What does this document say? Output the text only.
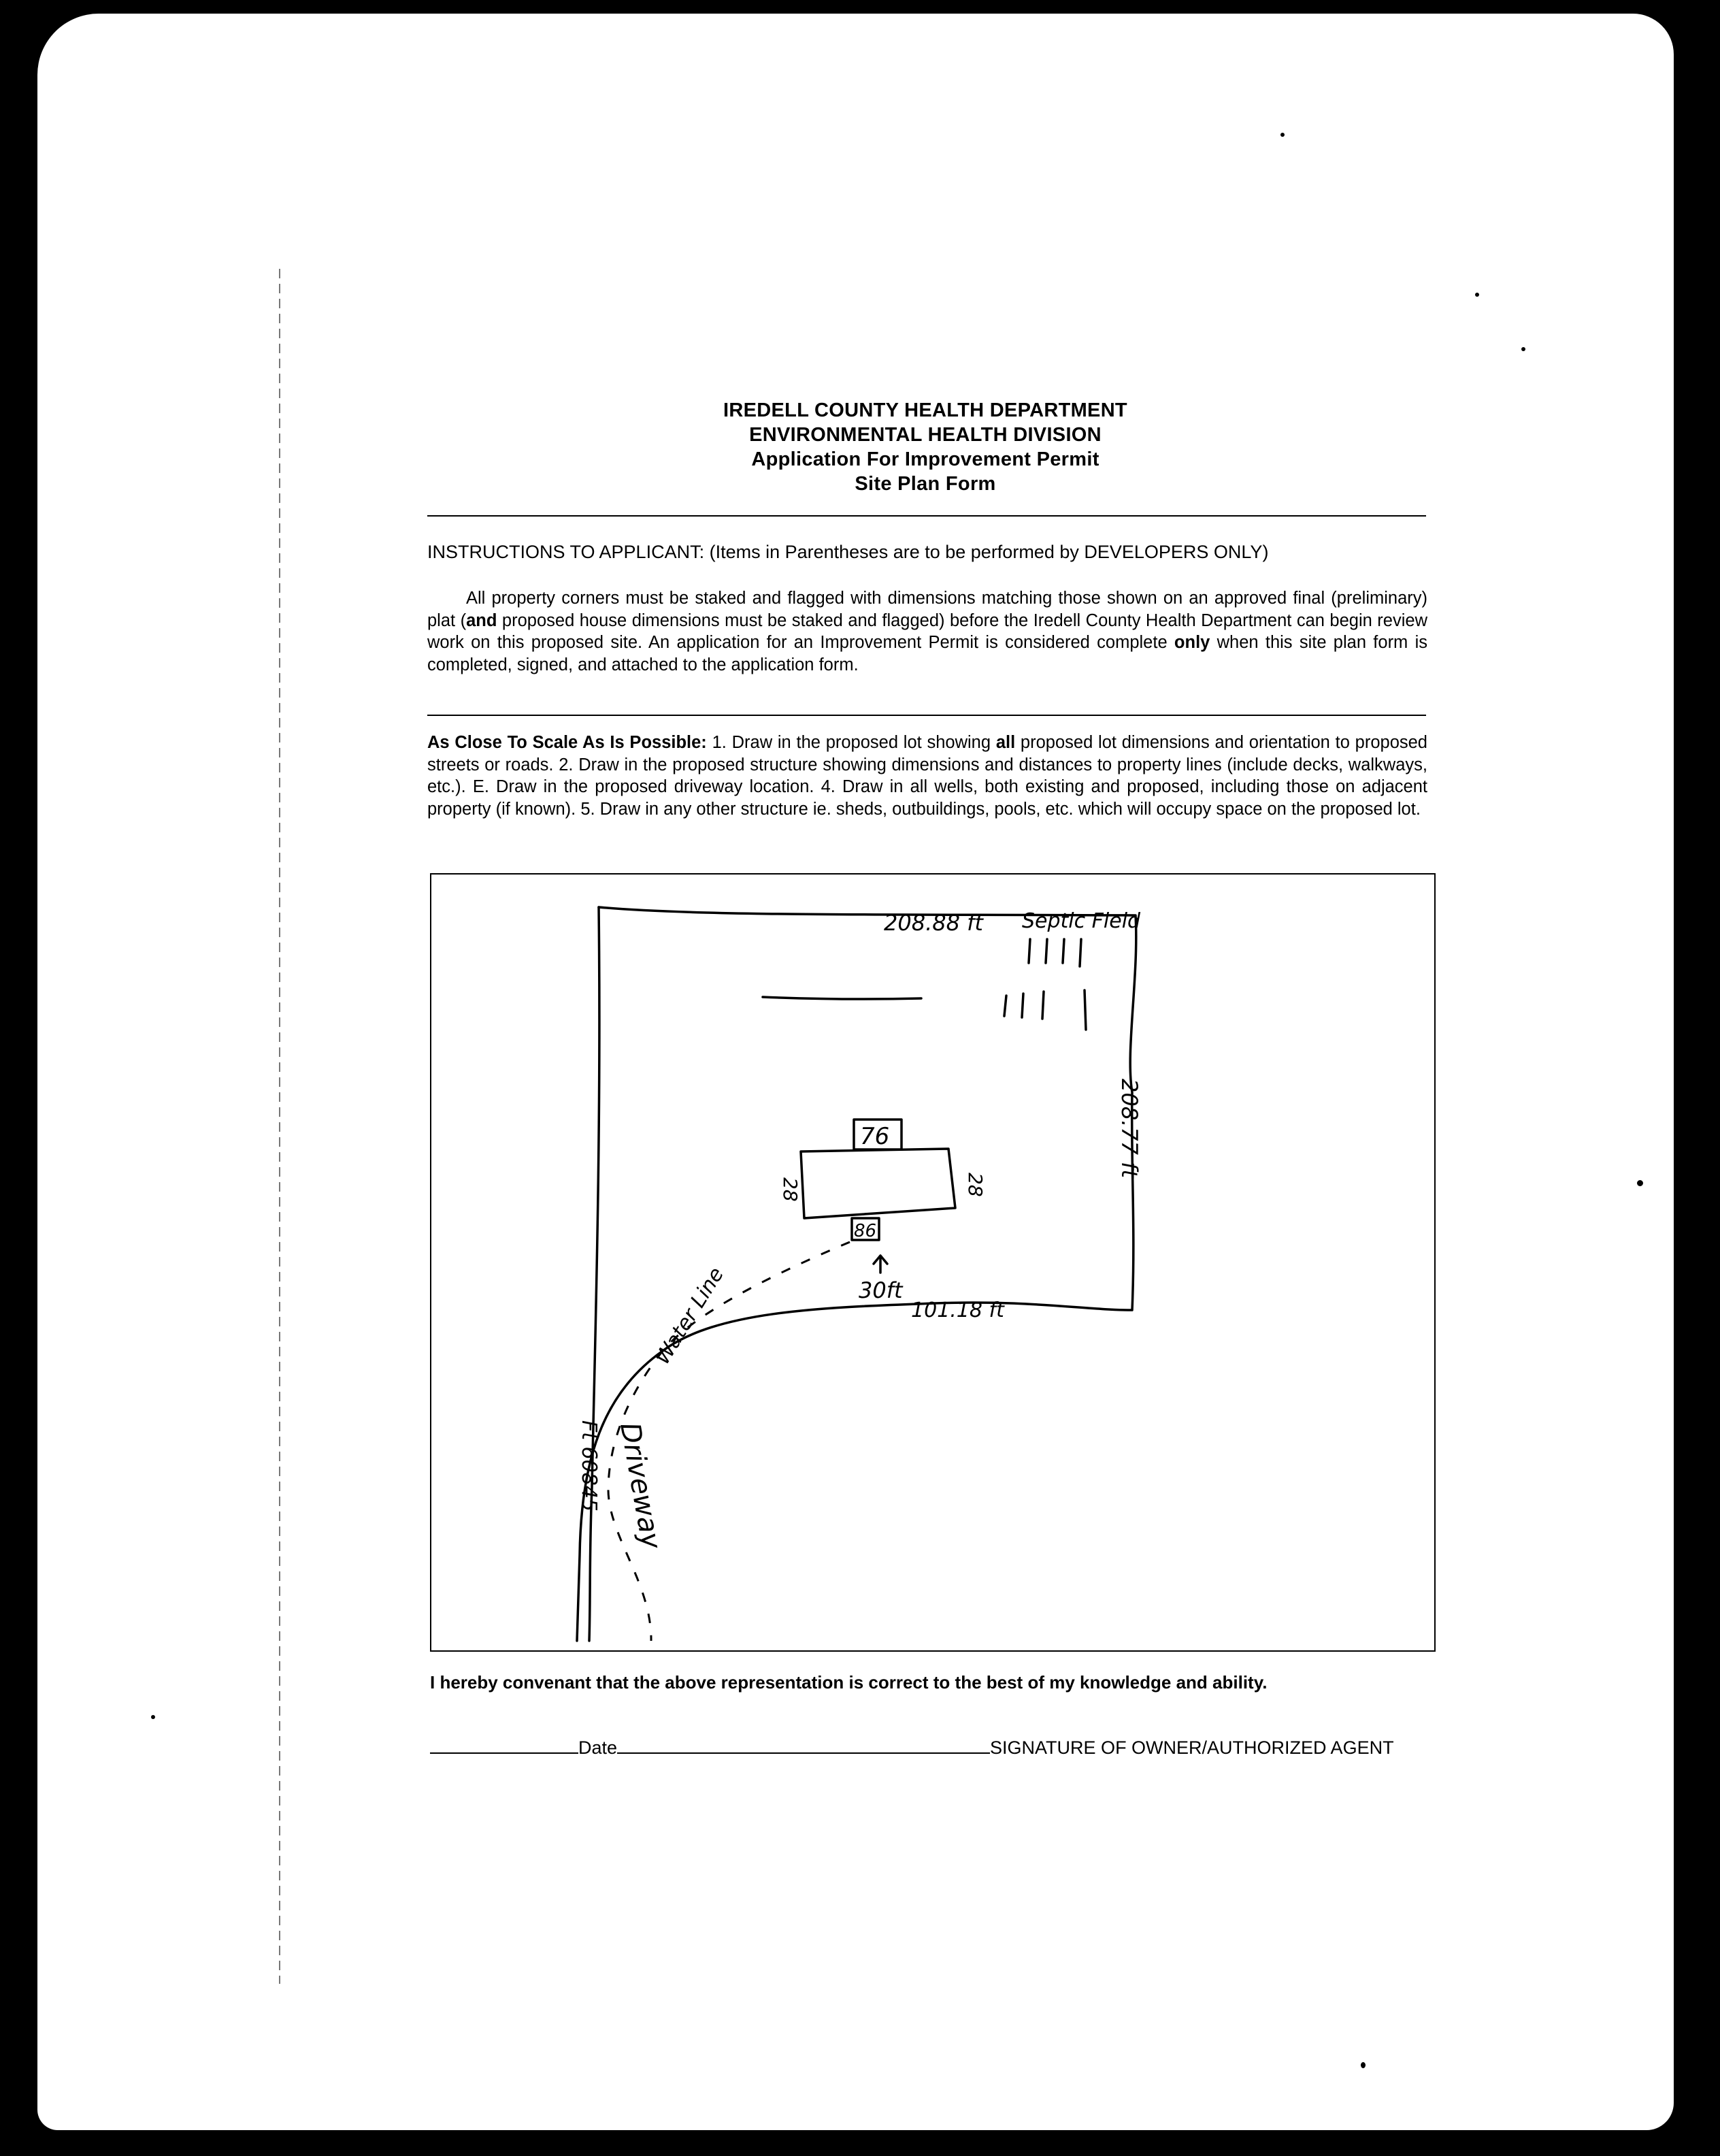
IREDELL COUNTY HEALTH DEPARTMENT
ENVIRONMENTAL HEALTH DIVISION
Application For Improvement Permit
Site Plan Form
INSTRUCTIONS TO APPLICANT: (Items in Parentheses are to be performed by DEVELOPERS ONLY)
All property corners must be staked and flagged with dimensions matching those shown on an approved final (preliminary) plat (and proposed house dimensions must be staked and flagged) before the Iredell County Health Department can begin review work on this proposed site. An application for an Improvement Permit is considered complete only when this site plan form is completed, signed, and attached to the application form.
As Close To Scale As Is Possible: 1. Draw in the proposed lot showing all proposed lot dimensions and orientation to proposed streets or roads. 2. Draw in the proposed structure showing dimensions and distances to property lines (include decks, walkways, etc.). E. Draw in the proposed driveway location. 4. Draw in all wells, both existing and proposed, including those on adjacent property (if known). 5. Draw in any other structure ie. sheds, outbuildings, pools, etc. which will occupy space on the proposed lot.
208.88 ft Septic Field
208.77 ft
76
28	28
86
30ft
101.18 ft
Water Line
Driveway
Ft 60845
I hereby convenant that the above representation is correct to the best of my knowledge and ability.
Date	SIGNATURE OF OWNER/AUTHORIZED AGENT
